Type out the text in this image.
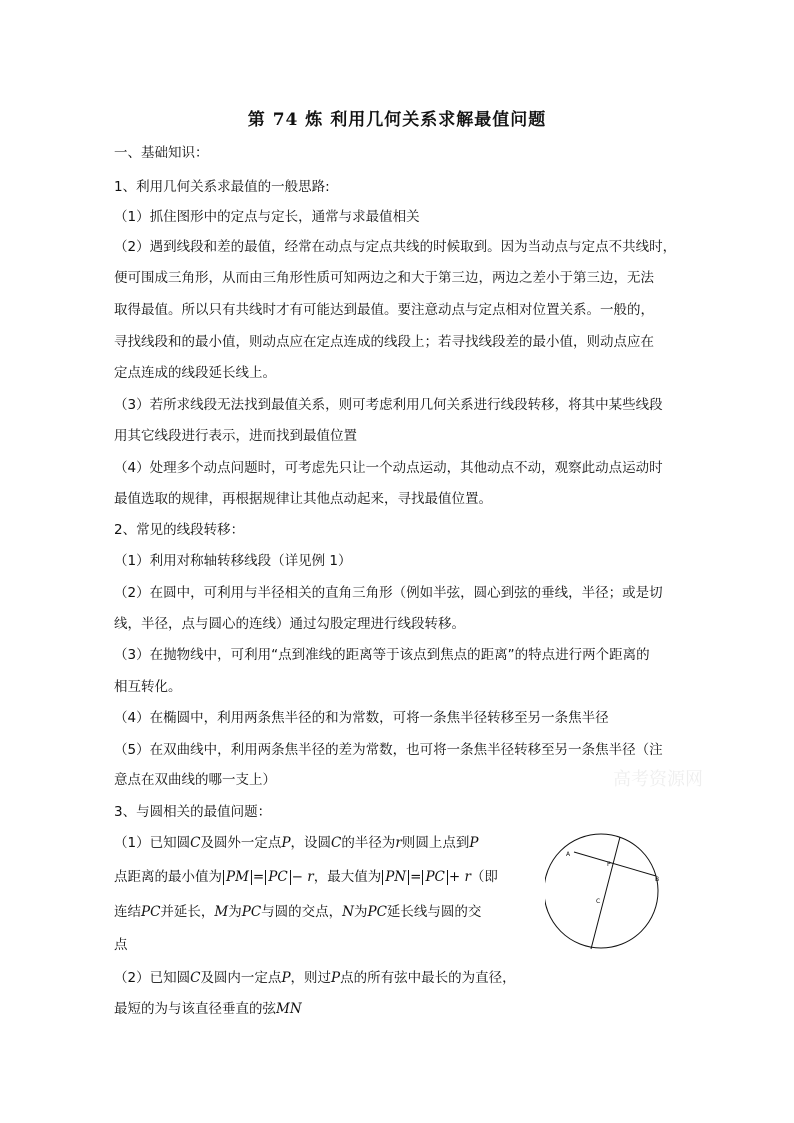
第 74 炼 利用几何关系求解最值问题
一、基础知识：
1、利用几何关系求最值的一般思路:
（1）抓住图形中的定点与定长，通常与求最值相关
（2）遇到线段和差的最值，经常在动点与定点共线的时候取到。因为当动点与定点不共线时，
便可围成三角形，从而由三角形性质可知两边之和大于第三边，两边之差小于第三边，无法
取得最值。所以只有共线时才有可能达到最值。要注意动点与定点相对位置关系。一般的，
寻找线段和的最小值，则动点应在定点连成的线段上；若寻找线段差的最小值，则动点应在
定点连成的线段延长线上。
（3）若所求线段无法找到最值关系，则可考虑利用几何关系进行线段转移，将其中某些线段
用其它线段进行表示，进而找到最值位置
（4）处理多个动点问题时，可考虑先只让一个动点运动，其他动点不动，观察此动点运动时
最值选取的规律，再根据规律让其他点动起来，寻找最值位置。
2、常见的线段转移：
（1）利用对称轴转移线段（详见例 1）
（2）在圆中，可利用与半径相关的直角三角形（例如半弦，圆心到弦的垂线，半径；或是切
线，半径，点与圆心的连线）通过勾股定理进行线段转移。
（3）在抛物线中，可利用“点到准线的距离等于该点到焦点的距离”的特点进行两个距离的
相互转化。
（4）在椭圆中，利用两条焦半径的和为常数，可将一条焦半径转移至另一条焦半径
（5）在双曲线中，利用两条焦半径的差为常数，也可将一条焦半径转移至另一条焦半径（注
意点在双曲线的哪一支上）
3、与圆相关的最值问题：
（1）已知圆C及圆外一定点P，设圆C的半径为r则圆上点到P
点距离的最小值为 PM = PC − r，最大值为 PN = PC + r（即
连结PC并延长，M为PC与圆的交点，N为PC延长线与圆的交
点
（2）已知圆C及圆内一定点P，则过P点的所有弦中最长的为直径，
最短的为与该直径垂直的弦MN
高考资源网
A
P
B
C
